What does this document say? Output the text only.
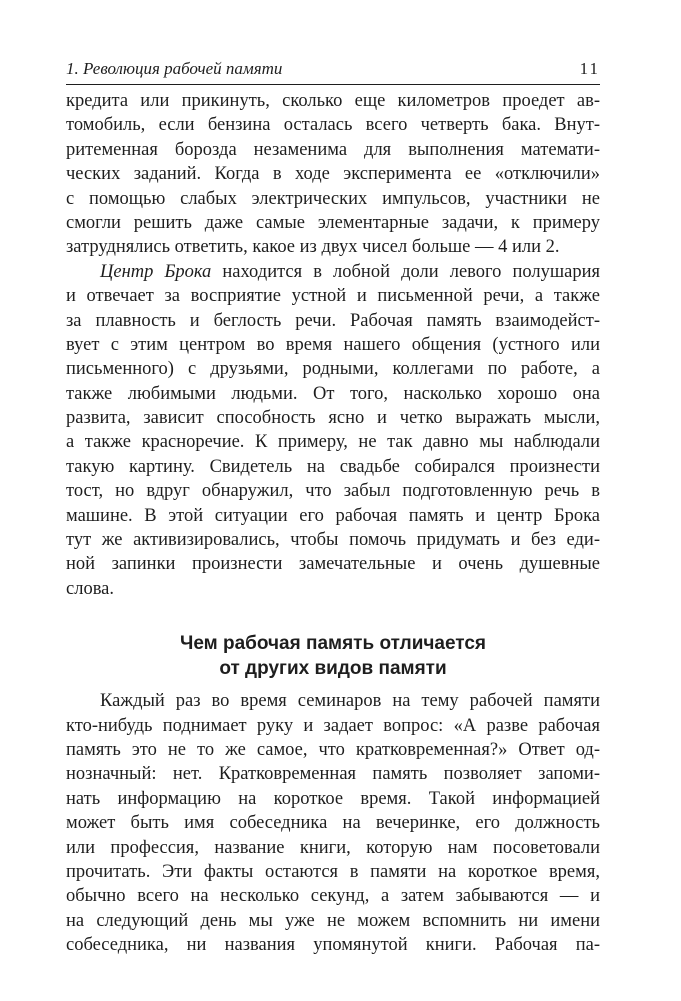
1. Революция рабочей памяти	11
кредита или прикинуть, сколько еще километров проедет ав-
томобиль, если бензина осталась всего четверть бака. Внут-
ритеменная борозда незаменима для выполнения математи-
ческих заданий. Когда в ходе эксперимента ее «отключили»
с помощью слабых электрических импульсов, участники не
смогли решить даже самые элементарные задачи, к примеру
затруднялись ответить, какое из двух чисел больше — 4 или 2.
Центр Брока находится в лобной доли левого полушария
и отвечает за восприятие устной и письменной речи, а также
за плавность и беглость речи. Рабочая память взаимодейст-
вует с этим центром во время нашего общения (устного или
письменного) с друзьями, родными, коллегами по работе, а
также любимыми людьми. От того, насколько хорошо она
развита, зависит способность ясно и четко выражать мысли,
а также красноречие. К примеру, не так давно мы наблюдали
такую картину. Свидетель на свадьбе собирался произнести
тост, но вдруг обнаружил, что забыл подготовленную речь в
машине. В этой ситуации его рабочая память и центр Брока
тут же активизировались, чтобы помочь придумать и без еди-
ной запинки произнести замечательные и очень душевные
слова.
Чем рабочая память отличается
от других видов памяти
Каждый раз во время семинаров на тему рабочей памяти
кто-нибудь поднимает руку и задает вопрос: «А разве рабочая
память это не то же самое, что кратковременная?» Ответ од-
нозначный: нет. Кратковременная память позволяет запоми-
нать информацию на короткое время. Такой информацией
может быть имя собеседника на вечеринке, его должность
или профессия, название книги, которую нам посоветовали
прочитать. Эти факты остаются в памяти на короткое время,
обычно всего на несколько секунд, а затем забываются — и
на следующий день мы уже не можем вспомнить ни имени
собеседника, ни названия упомянутой книги. Рабочая па-
